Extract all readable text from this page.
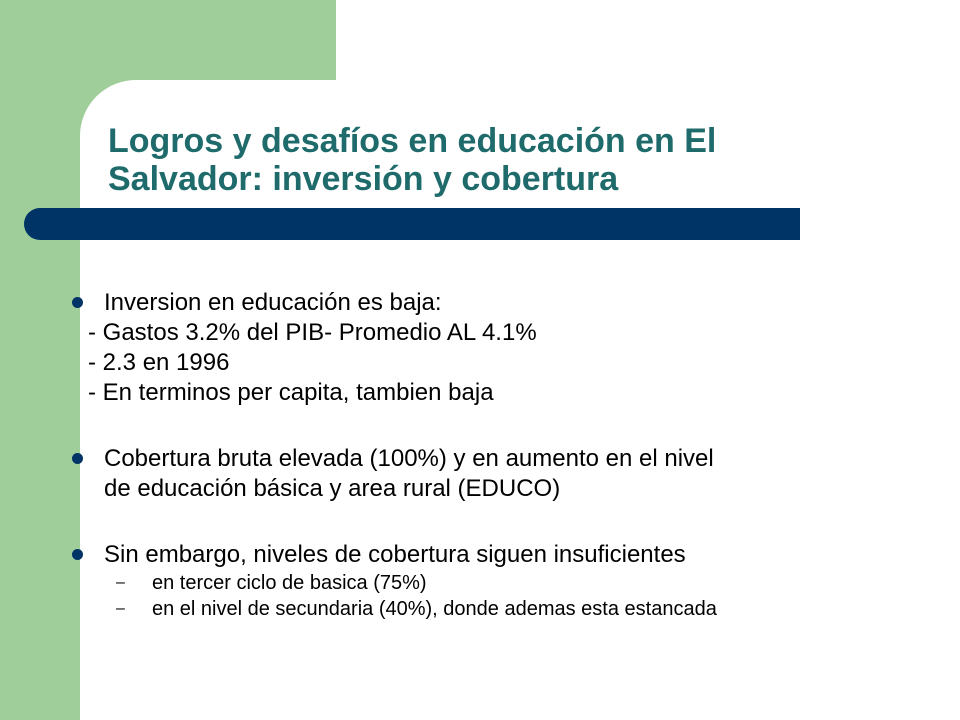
Logros y desafíos en educación en El
Salvador: inversión y cobertura

Inversion en educación es baja:

- Gastos 3.2% del PIB- Promedio AL 4.1%

- 2.3 en 1996

- En terminos per capita, tambien baja

Cobertura bruta elevada (100%) y en aumento en el nivel

de educación básica y area rural (EDUCO)

Sin embargo, niveles de cobertura siguen insuficientes

– en tercer ciclo de basica (75%)

– en el nivel de secundaria (40%), donde ademas esta estancada
